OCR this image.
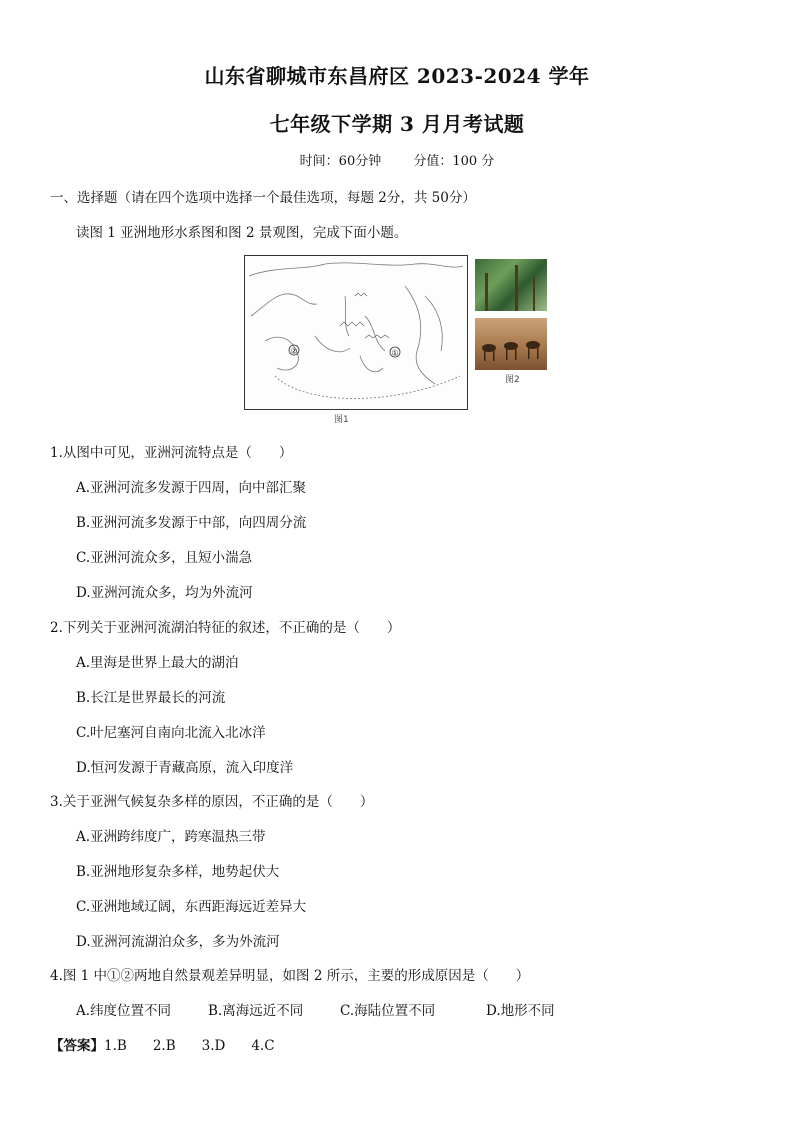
山东省聊城市东昌府区 2023-2024 学年
七年级下学期 3 月月考试题
时间：60分钟 分值：100 分
一、选择题（请在四个选项中选择一个最佳选项，每题 2分，共 50分）
读图 1 亚洲地形水系图和图 2 景观图，完成下面小题。
②	①
图1
图2
1.从图中可见，亚洲河流特点是（　　）
A.亚洲河流多发源于四周，向中部汇聚
B.亚洲河流多发源于中部，向四周分流
C.亚洲河流众多，且短小湍急
D.亚洲河流众多，均为外流河
2.下列关于亚洲河流湖泊特征的叙述，不正确的是（　　）
A.里海是世界上最大的湖泊
B.长江是世界最长的河流
C.叶尼塞河自南向北流入北冰洋
D.恒河发源于青藏高原，流入印度洋
3.关于亚洲气候复杂多样的原因，不正确的是（　　）
A.亚洲跨纬度广，跨寒温热三带
B.亚洲地形复杂多样，地势起伏大
C.亚洲地域辽阔，东西距海远近差异大
D.亚洲河流湖泊众多，多为外流河
4.图 1 中①②两地自然景观差异明显，如图 2 所示，主要的形成原因是（　　）
A.纬度位置不同	B.离海远近不同	C.海陆位置不同	D.地形不同
【答案】1.B 2.B 3.D 4.C
